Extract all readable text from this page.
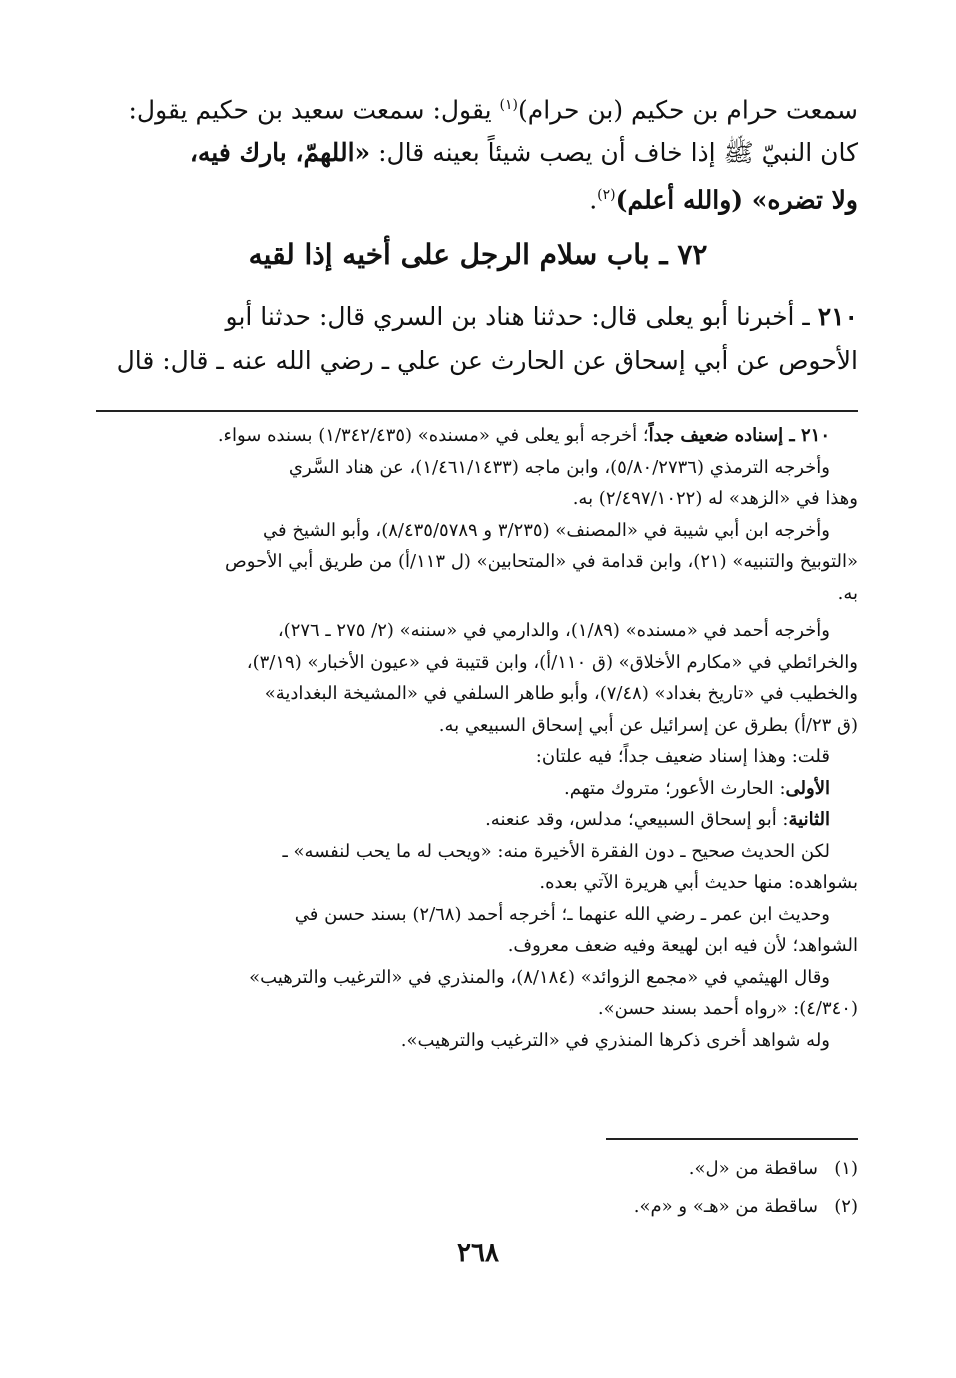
سمعت حرام بن حكيم (بن حرام)$^{(١)}$ يقول: سمعت سعيد بن حكيم يقول:
كان النبيّ ﷺ إذا خاف أن يصب شيئاً بعينه قال: «اللهمّ، بارك فيه،
ولا تضره» (والله أعلم)$^{(٢)}$.
٧٢ ـ باب سلام الرجل على أخيه إذا لقيه
٢١٠ ـ أخبرنا أبو يعلى قال: حدثنا هناد بن السري قال: حدثنا أبو
الأحوص عن أبي إسحاق عن الحارث عن علي ـ رضي الله عنه ـ قال: قال
٢١٠ ـ إسناده ضعيف جداً؛ أخرجه أبو يعلى في «مسنده» (١/٣٤٢/٤٣٥) بسنده سواء.
وأخرجه الترمذي (٥/٨٠/٢٧٣٦)، وابن ماجه (١/٤٦١/١٤٣٣)، عن هناد السَّري
وهذا في «الزهد» له (٢/٤٩٧/١٠٢٢) به.
وأخرجه ابن أبي شيبة في «المصنف» (٣/٢٣٥ و ٨/٤٣٥/٥٧٨٩)، وأبو الشيخ في
«التوبيخ والتنبيه» (٢١)، وابن قدامة في «المتحابين» (ل ١١٣/أ) من طريق أبي الأحوص
به.
وأخرجه أحمد في «مسنده» (١/٨٩)، والدارمي في «سننه» (٢/ ٢٧٥ ـ ٢٧٦)،
والخرائطي في «مكارم الأخلاق» (ق ١١٠/أ)، وابن قتيبة في «عيون الأخبار» (٣/١٩)،
والخطيب في «تاريخ بغداد» (٧/٤٨)، وأبو طاهر السلفي في «المشيخة البغدادية»
(ق ٢٣/أ) بطرق عن إسرائيل عن أبي إسحاق السبيعي به.
قلت: وهذا إسناد ضعيف جداً؛ فيه علتان:
الأولى: الحارث الأعور؛ متروك متهم.
الثانية: أبو إسحاق السبيعي؛ مدلس، وقد عنعنه.
لكن الحديث صحيح ـ دون الفقرة الأخيرة منه: «ويحب له ما يحب لنفسه» ـ
بشواهده: منها حديث أبي هريرة الآتي بعده.
وحديث ابن عمر ـ رضي الله عنهما ـ؛ أخرجه أحمد (٢/٦٨) بسند حسن في
الشواهد؛ لأن فيه ابن لهيعة وفيه ضعف معروف.
وقال الهيثمي في «مجمع الزوائد» (٨/١٨٤)، والمنذري في «الترغيب والترهيب»
(٤/٣٤٠): «رواه أحمد بسند حسن».
وله شواهد أخرى ذكرها المنذري في «الترغيب والترهيب».
(١)ساقطة من «ل».
(٢)ساقطة من «هـ» و «م».
٢٦٨
